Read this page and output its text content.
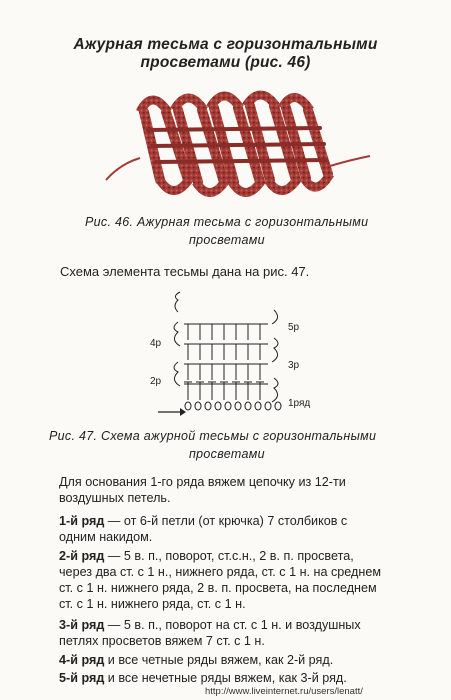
Ажурная тесьма с горизонтальными
просветами (рис. 46)
Рис. 46. Ажурная тесьма с горизонтальными
просветами
Схема элемента тесьмы дана на рис. 47.
1ряд
2р
3р
4р
5р
Рис. 47. Схема ажурной тесьмы с горизонтальными
просветами
Для основания 1-го ряда вяжем цепочку из 12-ти
воздушных петель.
1-й ряд — от 6-й петли (от крючка) 7 столбиков с
одним накидом.
2-й ряд — 5 в. п., поворот, ст.с.н., 2 в. п. просвета,
через два ст. с 1 н., нижнего ряда, ст. с 1 н. на среднем
ст. с 1 н. нижнего ряда, 2 в. п. просвета, на последнем
ст. с 1 н. нижнего ряда, ст. с 1 н.
3-й ряд — 5 в. п., поворот на ст. с 1 н. и воздушных
петлях просветов вяжем 7 ст. с 1 н.
4-й ряд и все четные ряды вяжем, как 2-й ряд.
5-й ряд и все нечетные ряды вяжем, как 3-й ряд.
http://www.liveinternet.ru/users/lenatt/
